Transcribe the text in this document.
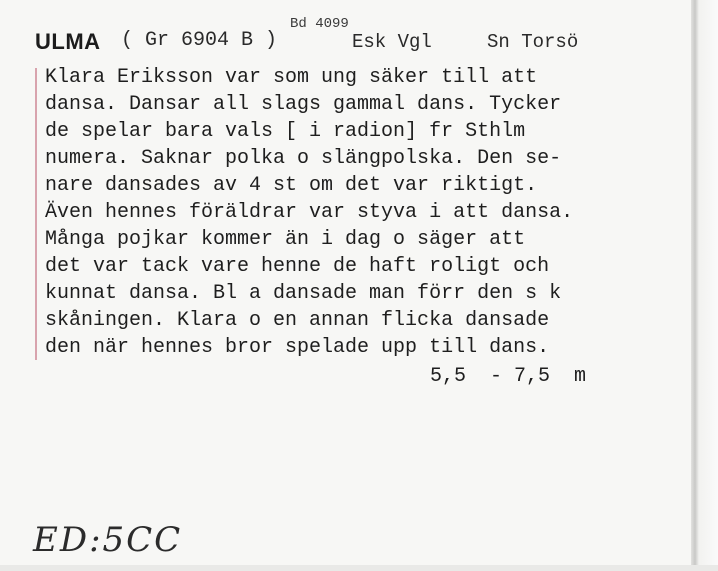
ULMA ( Gr 6904 B )
Bd 4099
Esk Vgl	Sn Torsö
Klara Eriksson var som ung säker till att
dansa. Dansar all slags gammal dans. Tycker
de spelar bara vals [ i radion] fr Sthlm
numera. Saknar polka o slängpolska. Den se-
nare dansades av 4 st om det var riktigt.
Även hennes föräldrar var styva i att dansa.
Många pojkar kommer än i dag o säger att
det var tack vare henne de haft roligt och
kunnat dansa. Bl a dansade man förr den s k
skåningen. Klara o en annan flicka dansade
den när hennes bror spelade upp till dans.
5,5  - 7,5  m
ED:5CC
